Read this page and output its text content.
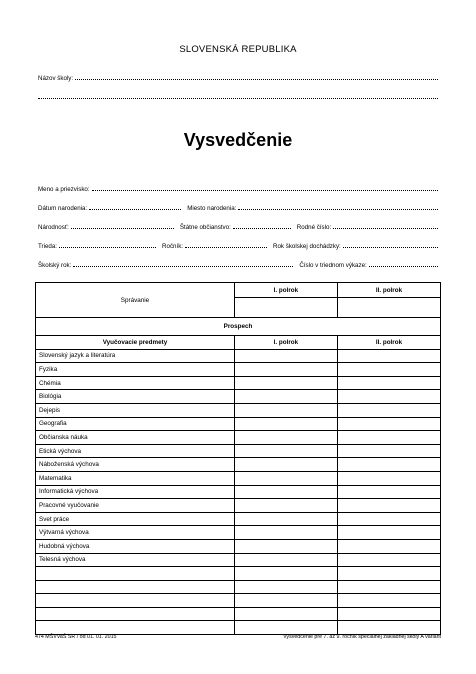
SLOVENSKÁ REPUBLIKA
Názov školy:
Vysvedčenie
Meno a priezvisko:
Dátum narodenia:	Miesto narodenia:
Národnosť:	Štátne občianstvo:	Rodné číslo:
Trieda:	Ročník:	Rok školskej dochádzky:
Školský rok:	Číslo v triednom výkaze:
Správanie	I. polrok	II. polrok

Prospech		
Vyučovacie predmety	I. polrok	II. polrok
Slovenský jazyk a literatúra		
Fyzika		
Chémia		
Biológia		
Dejepis		
Geografia		
Občianska náuka		
Etická výchova		
Náboženská výchova		
Matematika		
Informatická výchova		
Pracovné vyučovanie		
Svet práce		
Výtvarná výchova		
Hudobná výchova		
Telesná výchova		

474 MŠVVaŠ SR / od 01. 01. 2015	Vysvedčenie pre 7. až 9. ročník špeciálnej základnej školy A variant
